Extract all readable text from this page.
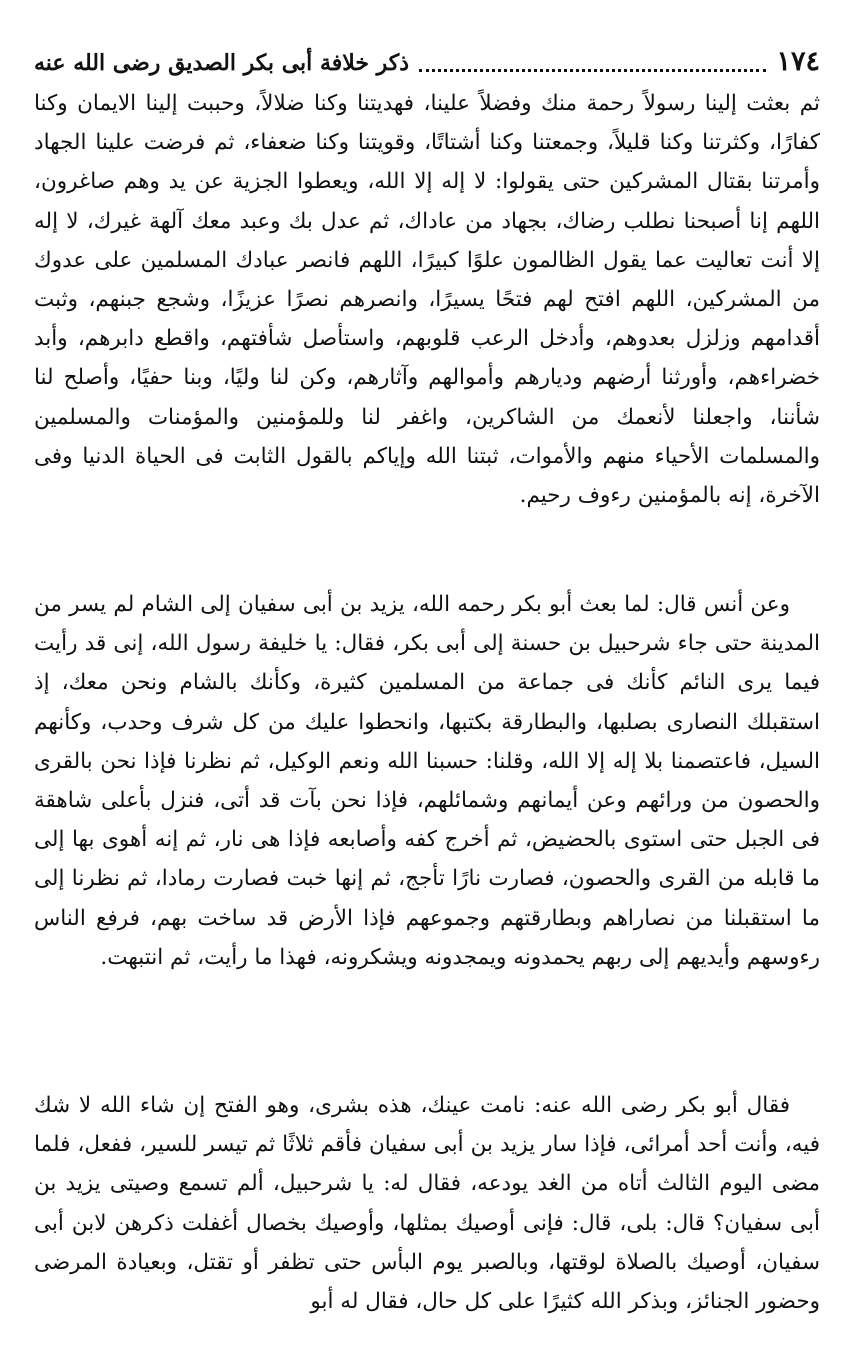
١٧٤
ذكر خلافة أبى بكر الصديق رضى الله عنه

ثم بعثت إلينا رسولاً رحمة منك وفضلاً علينا، فهديتنا وكنا ضلالاً، وحببت إلينا الايمان وكنا كفارًا، وكثرتنا وكنا قليلاً، وجمعتنا وكنا أشتاتًا، وقويتنا وكنا ضعفاء، ثم فرضت علينا الجهاد وأمرتنا بقتال المشركين حتى يقولوا: لا إله إلا الله، ويعطوا الجزية عن يد وهم صاغرون، اللهم إنا أصبحنا نطلب رضاك، بجهاد من عاداك، ثم عدل بك وعبد معك آلهة غيرك، لا إله إلا أنت تعاليت عما يقول الظالمون علوًا كبيرًا، اللهم فانصر عبادك المسلمين على عدوك من المشركين، اللهم افتح لهم فتحًا يسيرًا، وانصرهم نصرًا عزيزًا، وشجع جبنهم، وثبت أقدامهم وزلزل بعدوهم، وأدخل الرعب قلوبهم، واستأصل شأفتهم، واقطع دابرهم، وأبد خضراءهم، وأورثنا أرضهم وديارهم وأموالهم وآثارهم، وكن لنا وليًا، وبنا حفيًا، وأصلح لنا شأننا، واجعلنا لأنعمك من الشاكرين، واغفر لنا وللمؤمنين والمؤمنات والمسلمين والمسلمات الأحياء منهم والأموات، ثبتنا الله وإياكم بالقول الثابت فى الحياة الدنيا وفى الآخرة، إنه بالمؤمنين رءوف رحيم.

وعن أنس قال: لما بعث أبو بكر رحمه الله، يزيد بن أبى سفيان إلى الشام لم يسر من المدينة حتى جاء شرحبيل بن حسنة إلى أبى بكر، فقال: يا خليفة رسول الله، إنى قد رأيت فيما يرى النائم كأنك فى جماعة من المسلمين كثيرة، وكأنك بالشام ونحن معك، إذ استقبلك النصارى بصلبها، والبطارقة بكتبها، وانحطوا عليك من كل شرف وحدب، وكأنهم السيل، فاعتصمنا بلا إله إلا الله، وقلنا: حسبنا الله ونعم الوكيل، ثم نظرنا فإذا نحن بالقرى والحصون من ورائهم وعن أيمانهم وشمائلهم، فإذا نحن بآت قد أتى، فنزل بأعلى شاهقة فى الجبل حتى استوى بالحضيض، ثم أخرج كفه وأصابعه فإذا هى نار، ثم إنه أهوى بها إلى ما قابله من القرى والحصون، فصارت نارًا تأجج، ثم إنها خبت فصارت رمادا، ثم نظرنا إلى ما استقبلنا من نصاراهم وبطارقتهم وجموعهم فإذا الأرض قد ساخت بهم، فرفع الناس رءوسهم وأيديهم إلى ربهم يحمدونه ويمجدونه ويشكرونه، فهذا ما رأيت، ثم انتبهت.

فقال أبو بكر رضى الله عنه: نامت عينك، هذه بشرى، وهو الفتح إن شاء الله لا شك فيه، وأنت أحد أمرائى، فإذا سار يزيد بن أبى سفيان فأقم ثلاثًا ثم تيسر للسير، ففعل، فلما مضى اليوم الثالث أتاه من الغد يودعه، فقال له: يا شرحبيل، ألم تسمع وصيتى يزيد بن أبى سفيان؟ قال: بلى، قال: فإنى أوصيك بمثلها، وأوصيك بخصال أغفلت ذكرهن لابن أبى سفيان، أوصيك بالصلاة لوقتها، وبالصبر يوم البأس حتى تظفر أو تقتل، وبعيادة المرضى وحضور الجنائز، وبذكر الله كثيرًا على كل حال، فقال له أبو
